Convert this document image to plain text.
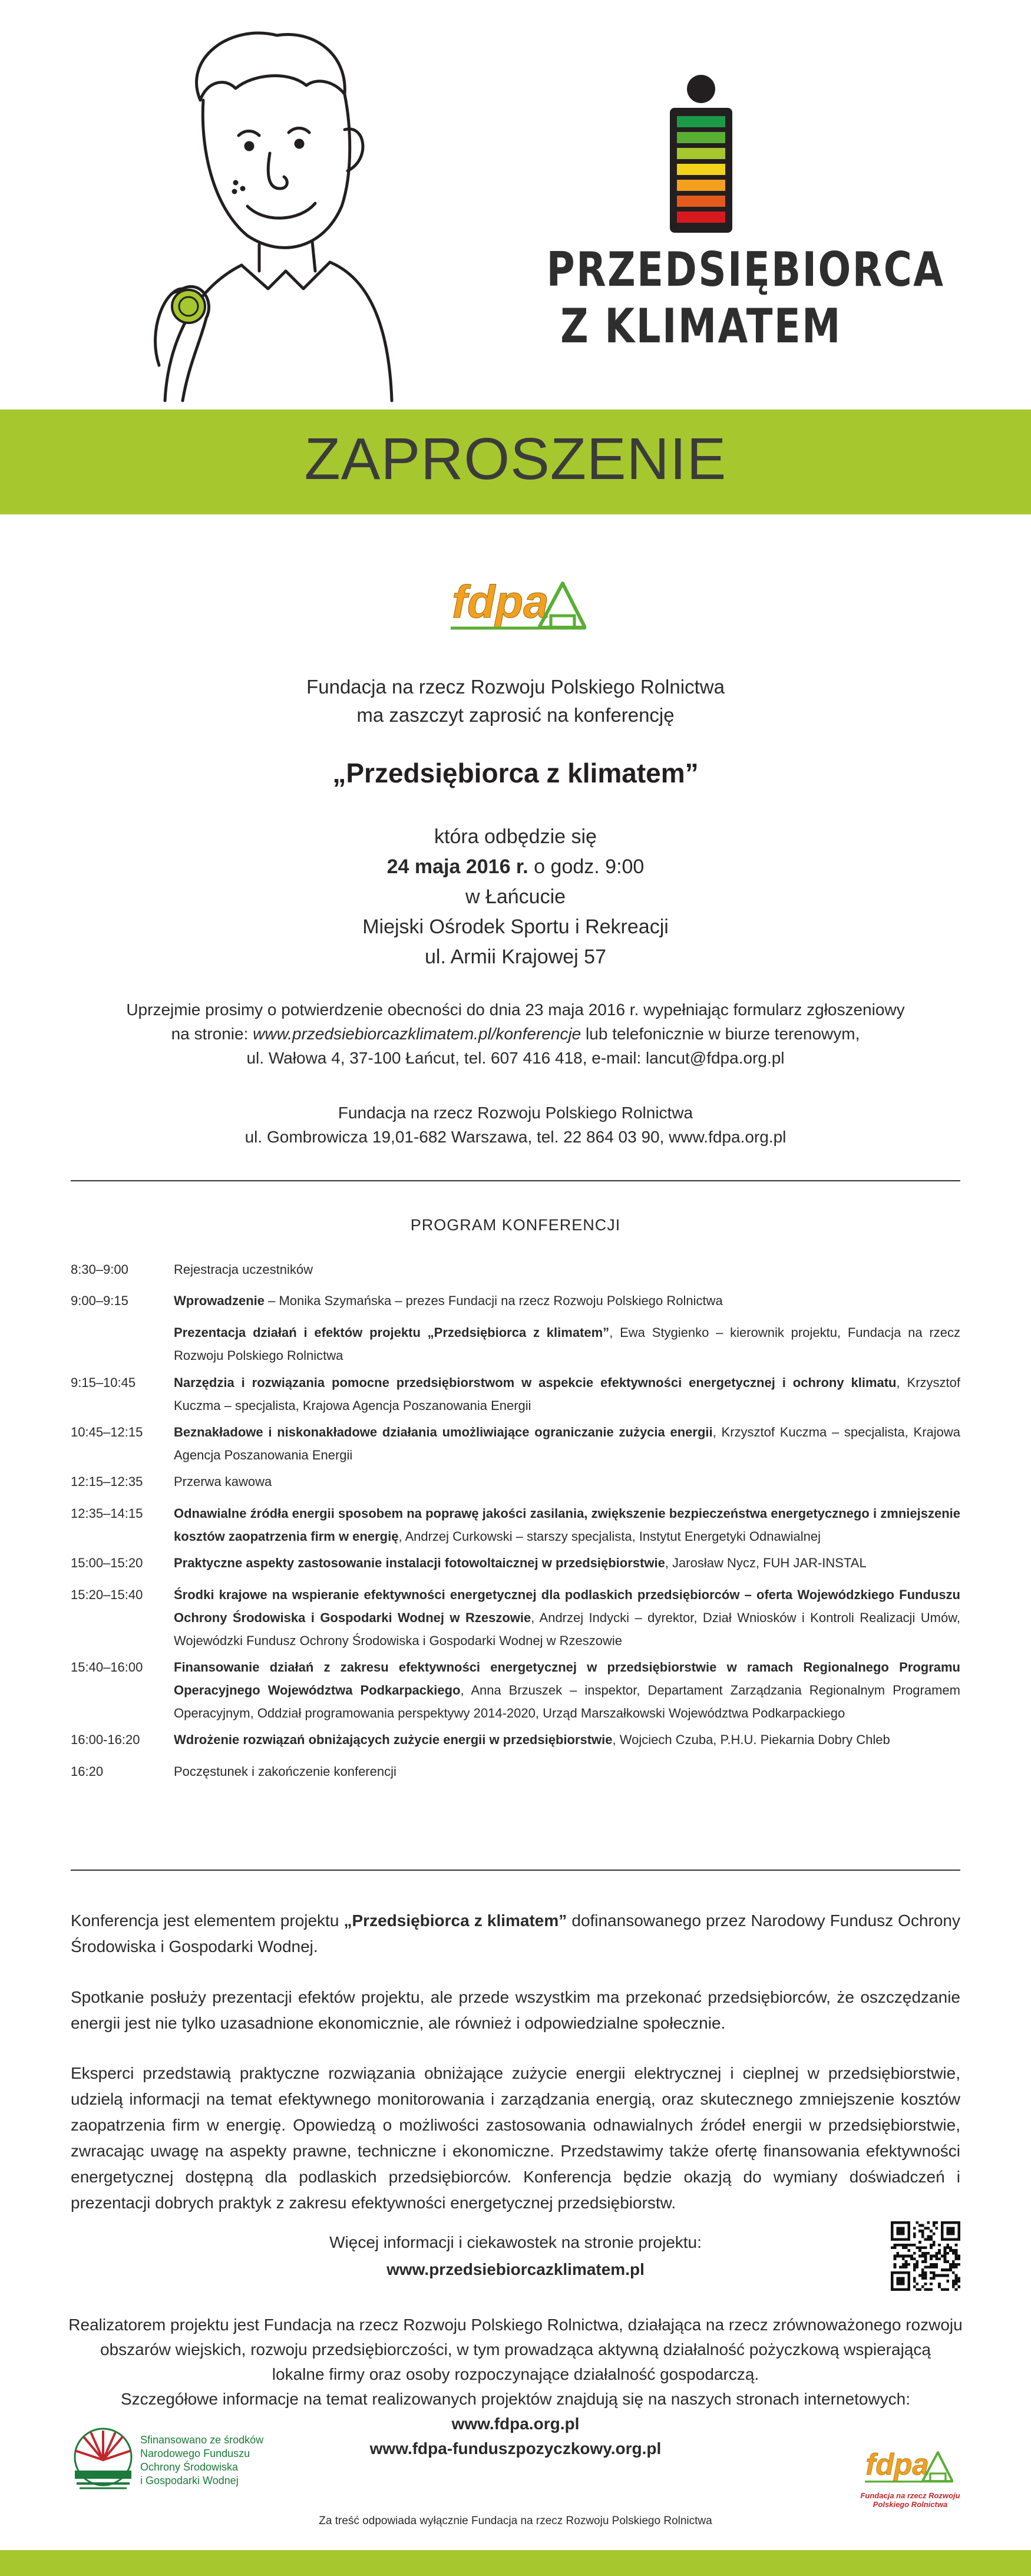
PRZEDSIĘBIORCA
Z KLIMATEM
ZAPROSZENIE
fdpa
Fundacja na rzecz Rozwoju Polskiego Rolnictwa
ma zaszczyt zaprosić na konferencję
„Przedsiębiorca z klimatem”
która odbędzie się
24 maja 2016 r. o godz. 9:00
w Łańcucie
Miejski Ośrodek Sportu i Rekreacji
ul. Armii Krajowej 57
Uprzejmie prosimy o potwierdzenie obecności do dnia 23 maja 2016 r. wypełniając formularz zgłoszeniowy
na stronie: www.przedsiebiorcazklimatem.pl/konferencje lub telefonicznie w biurze terenowym,
ul. Wałowa 4, 37-100 Łańcut, tel. 607 416 418, e-mail: lancut@fdpa.org.pl
Fundacja na rzecz Rozwoju Polskiego Rolnictwa
ul. Gombrowicza 19,01-682 Warszawa, tel. 22 864 03 90, www.fdpa.org.pl
PROGRAM KONFERENCJI
8:30–9:00	Rejestracja uczestników
9:00–9:15	Wprowadzenie – Monika Szymańska – prezes Fundacji na rzecz Rozwoju Polskiego Rolnictwa
Prezentacja działań i efektów projektu „Przedsiębiorca z klimatem”, Ewa Stygienko – kierownik projektu, Fundacja na rzecz Rozwoju Polskiego Rolnictwa
9:15–10:45	Narzędzia i rozwiązania pomocne przedsiębiorstwom w aspekcie efektywności energetycznej i ochrony klimatu, Krzysztof Kuczma – specjalista, Krajowa Agencja Poszanowania Energii
10:45–12:15	Beznakładowe i niskonakładowe działania umożliwiające ograniczanie zużycia energii, Krzysztof Kuczma – specjalista, Krajowa Agencja Poszanowania Energii
12:15–12:35	Przerwa kawowa
12:35–14:15	Odnawialne źródła energii sposobem na poprawę jakości zasilania, zwiększenie bezpieczeństwa energetycznego i zmniejszenie kosztów zaopatrzenia firm w energię, Andrzej Curkowski – starszy specjalista, Instytut Energetyki Odnawialnej
15:00–15:20	Praktyczne aspekty zastosowanie instalacji fotowoltaicznej w przedsiębiorstwie, Jarosław Nycz, FUH JAR-INSTAL
15:20–15:40	Środki krajowe na wspieranie efektywności energetycznej dla podlaskich przedsiębiorców – oferta Wojewódzkiego Funduszu Ochrony Środowiska i Gospodarki Wodnej w Rzeszowie, Andrzej Indycki – dyrektor, Dział Wniosków i Kontroli Realizacji Umów, Wojewódzki Fundusz Ochrony Środowiska i Gospodarki Wodnej w Rzeszowie
15:40–16:00	Finansowanie działań z zakresu efektywności energetycznej w przedsiębiorstwie w ramach Regionalnego Programu Operacyjnego Województwa Podkarpackiego, Anna Brzuszek – inspektor, Departament Zarządzania Regionalnym Programem Operacyjnym, Oddział programowania perspektywy 2014-2020, Urząd Marszałkowski Województwa Podkarpackiego
16:00-16:20	Wdrożenie rozwiązań obniżających zużycie energii w przedsiębiorstwie, Wojciech Czuba, P.H.U. Piekarnia Dobry Chleb
16:20	Poczęstunek i zakończenie konferencji
Konferencja jest elementem projektu „Przedsiębiorca z klimatem” dofinansowanego przez Narodowy Fundusz Ochrony Środowiska i Gospodarki Wodnej.
Spotkanie posłuży prezentacji efektów projektu, ale przede wszystkim ma przekonać przedsiębiorców, że oszczędzanie energii jest nie tylko uzasadnione ekonomicznie, ale również i odpowiedzialne społecznie.
Eksperci przedstawią praktyczne rozwiązania obniżające zużycie energii elektrycznej i cieplnej w przedsiębiorstwie, udzielą informacji na temat efektywnego monitorowania i zarządzania energią, oraz skutecznego zmniejszenie kosztów zaopatrzenia firm w energię. Opowiedzą o możliwości zastosowania odnawialnych źródeł energii w przedsiębiorstwie, zwracając uwagę na aspekty prawne, techniczne i ekonomiczne. Przedstawimy także ofertę finansowania efektywności energetycznej dostępną dla podlaskich przedsiębiorców. Konferencja będzie okazją do wymiany doświadczeń i prezentacji dobrych praktyk z zakresu efektywności energetycznej przedsiębiorstw.
Więcej informacji i ciekawostek na stronie projektu:
www.przedsiebiorcazklimatem.pl
Realizatorem projektu jest Fundacja na rzecz Rozwoju Polskiego Rolnictwa, działająca na rzecz zrównoważonego rozwoju
obszarów wiejskich, rozwoju przedsiębiorczości, w tym prowadząca aktywną działalność pożyczkową wspierającą
lokalne firmy oraz osoby rozpoczynające działalność gospodarczą.
Szczegółowe informacje na temat realizowanych projektów znajdują się na naszych stronach internetowych:
www.fdpa.org.pl
www.fdpa-funduszpozyczkowy.org.pl
Sfinansowano ze środków
Narodowego Funduszu
Ochrony Środowiska
i Gospodarki Wodnej	fdpa
Fundacja na rzecz Rozwoju
Polskiego Rolnictwa
Za treść odpowiada wyłącznie Fundacja na rzecz Rozwoju Polskiego Rolnictwa
